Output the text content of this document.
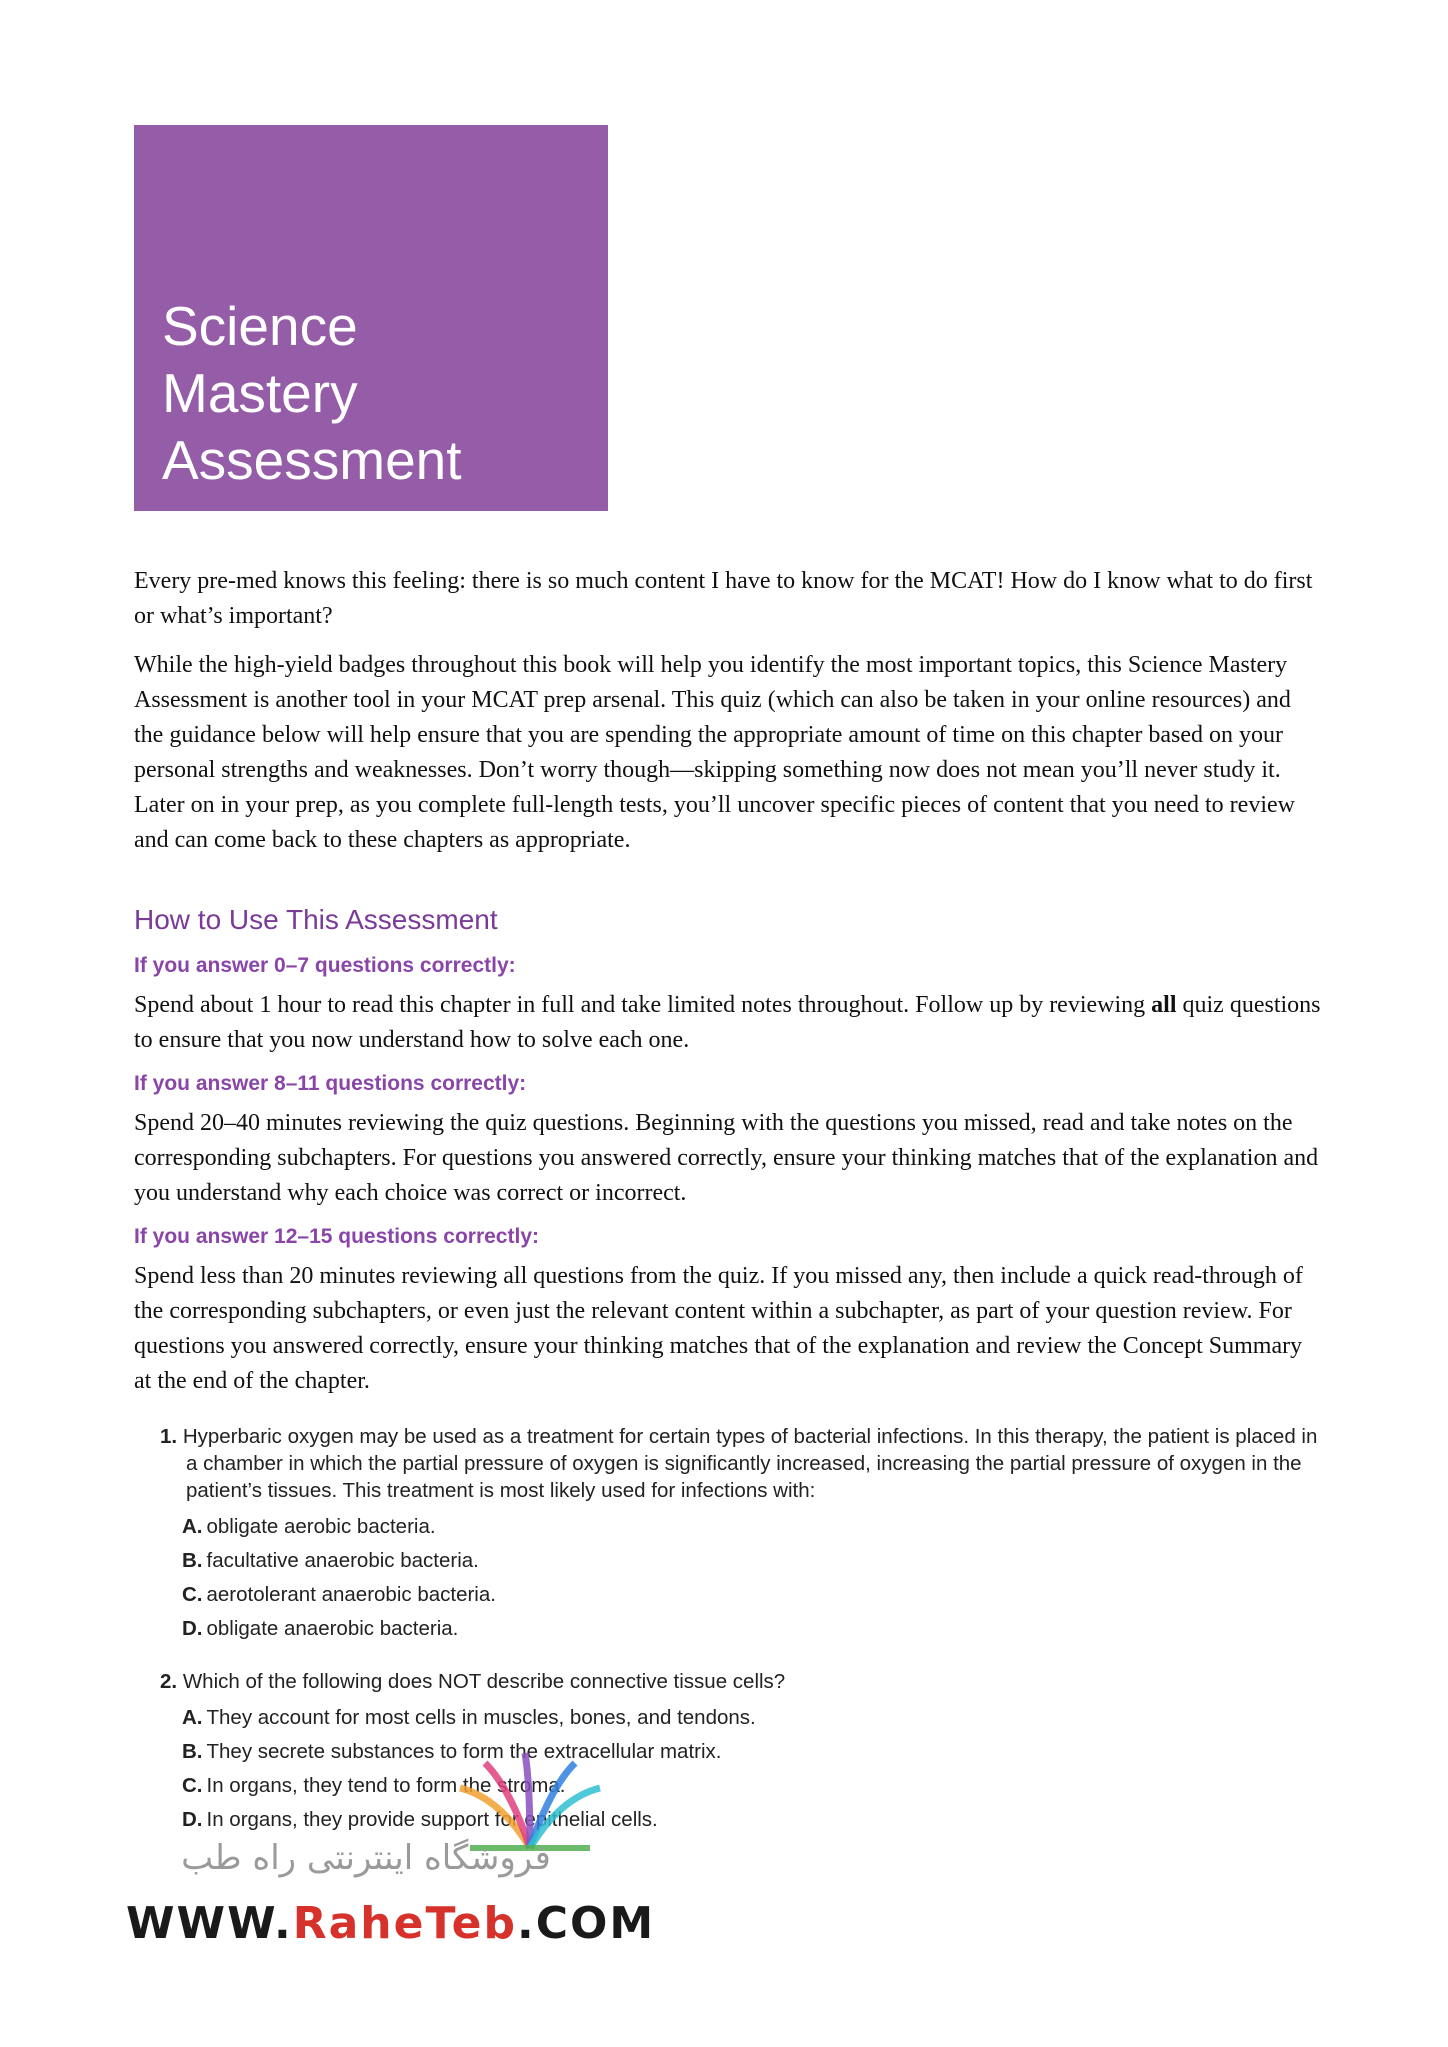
Science
Mastery
Assessment

Every pre-med knows this feeling: there is so much content I have to know for the MCAT! How do I know what to do first or what’s important?

While the high-yield badges throughout this book will help you identify the most important topics, this Science Mastery Assessment is another tool in your MCAT prep arsenal. This quiz (which can also be taken in your online resources) and the guidance below will help ensure that you are spending the appropriate amount of time on this chapter based on your personal strengths and weaknesses. Don’t worry though—skipping something now does not mean you’ll never study it. Later on in your prep, as you complete full-length tests, you’ll uncover specific pieces of content that you need to review and can come back to these chapters as appropriate.

How to Use This Assessment
If you answer 0–7 questions correctly:

Spend about 1 hour to read this chapter in full and take limited notes throughout. Follow up by reviewing all quiz questions to ensure that you now understand how to solve each one.

If you answer 8–11 questions correctly:

Spend 20–40 minutes reviewing the quiz questions. Beginning with the questions you missed, read and take notes on the corresponding subchapters. For questions you answered correctly, ensure your thinking matches that of the explanation and you understand why each choice was correct or incorrect.

If you answer 12–15 questions correctly:

Spend less than 20 minutes reviewing all questions from the quiz. If you missed any, then include a quick read-through of the corresponding subchapters, or even just the relevant content within a subchapter, as part of your question review. For questions you answered correctly, ensure your thinking matches that of the explanation and review the Concept Summary at the end of the chapter.

1. Hyperbaric oxygen may be used as a treatment for certain types of bacterial infections. In this therapy, the patient is placed in a chamber in which the partial pressure of oxygen is significantly increased, increasing the partial pressure of oxygen in the patient’s tissues. This treatment is most likely used for infections with:
A. obligate aerobic bacteria.
B. facultative anaerobic bacteria.
C. aerotolerant anaerobic bacteria.
D. obligate anaerobic bacteria.
2. Which of the following does NOT describe connective tissue cells?
A. They account for most cells in muscles, bones, and tendons.
B. They secrete substances to form the extracellular matrix.
C. In organs, they tend to form the stroma.
D. In organs, they provide support for epithelial cells.
فروشگاه اینترنتی راه طب
WWW.RaheTeb.COM
